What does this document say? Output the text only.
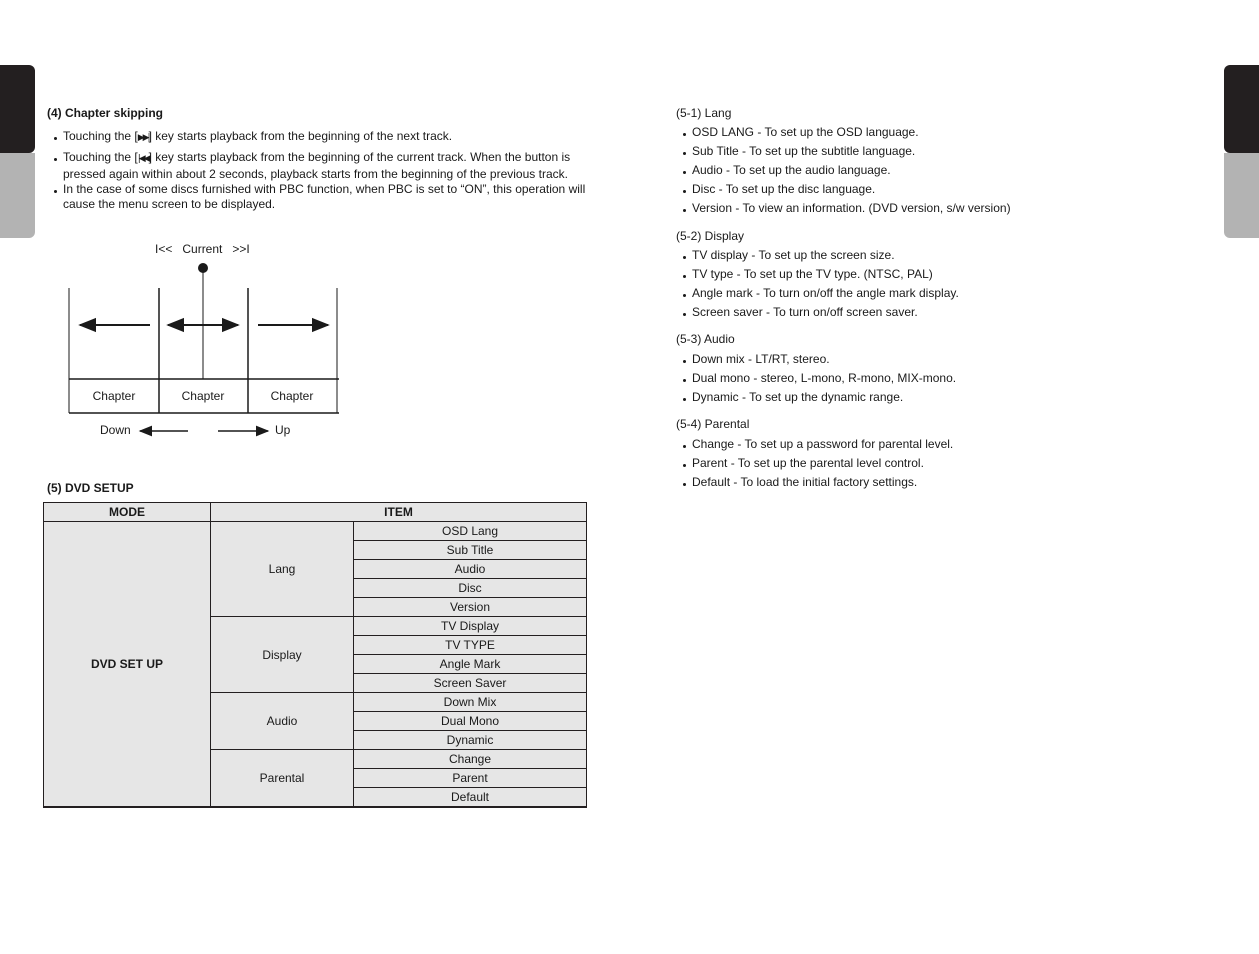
(4) Chapter skipping
Touching the [▶▶|] key starts playback from the beginning of the next track.
Touching the [|◀◀] key starts playback from the beginning of the current track. When the button is pressed again within about 2 seconds, playback starts from the beginning of the previous track.
In the case of some discs furnished with PBC function, when PBC is set to “ON”, this operation will cause the menu screen to be displayed.
I<<   Current   >>I
Chapter	Chapter	Chapter
Down	Up
(5) DVD SETUP
MODE	ITEM	
DVD SET UP	Lang	OSD Lang
		Sub Title
		Audio
		Disc
		Version
	Display	TV Display
		TV TYPE
		Angle Mark
		Screen Saver
	Audio	Down Mix
		Dual Mono
		Dynamic
	Parental	Change
		Parent
		Default
(5-1) Lang
OSD LANG - To set up the OSD language.
Sub Title - To set up the subtitle language.
Audio - To set up the audio language.
Disc - To set up the disc language.
Version - To view an information. (DVD version, s/w version)
(5-2) Display
TV display - To set up the screen size.
TV type - To set up the TV type. (NTSC, PAL)
Angle mark - To turn on/off the angle mark display.
Screen saver - To turn on/off screen saver.
(5-3) Audio
Down mix - LT/RT, stereo.
Dual mono - stereo, L-mono, R-mono, MIX-mono.
Dynamic - To set up the dynamic range.
(5-4) Parental
Change - To set up a password for parental level.
Parent - To set up the parental level control.
Default - To load the initial factory settings.
